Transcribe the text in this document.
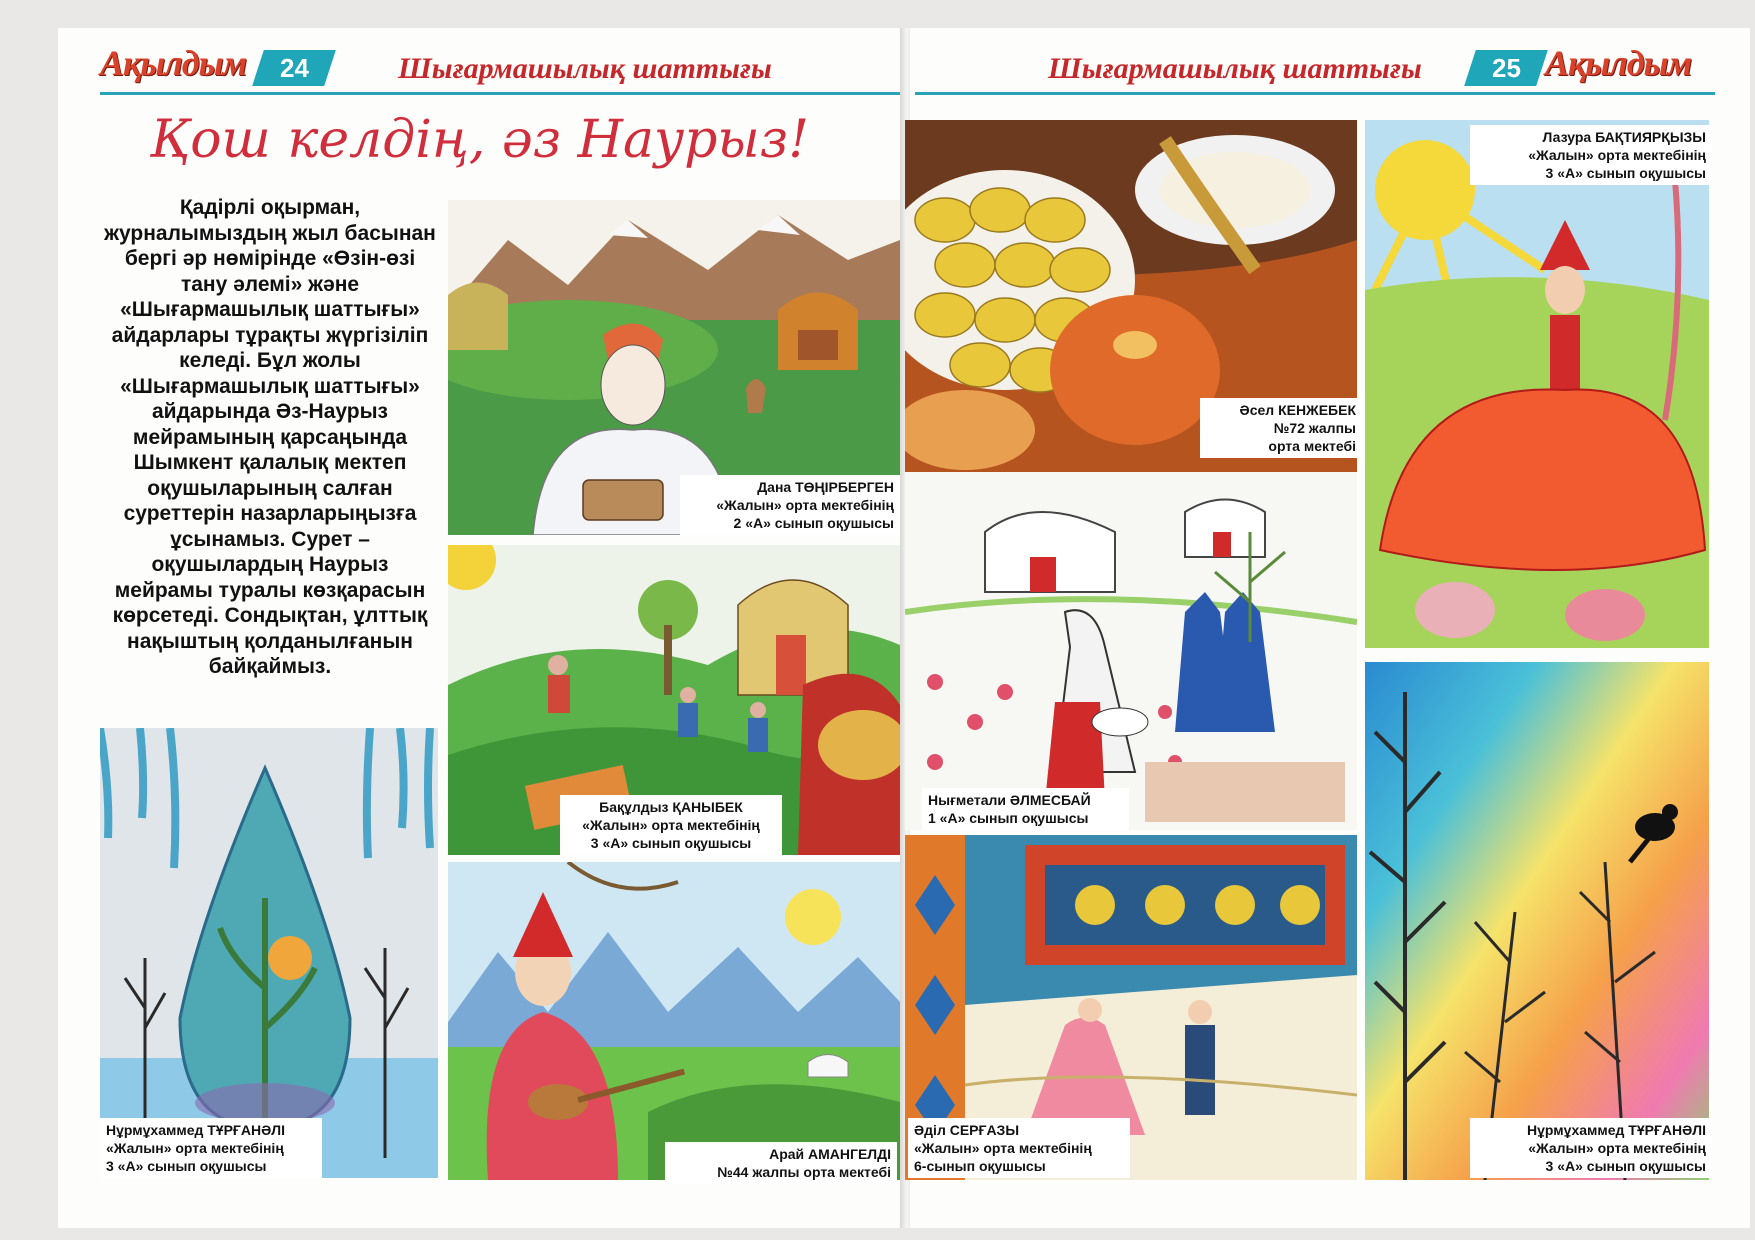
Ақылдым	24	Шығармашылық шаттығы
Қош келдің, әз Наурыз!
Қадірлі оқырман, журналымыздың жыл басынан бергі әр нөмірінде «Өзін-өзі тану әлемі» және «Шығармашылық шаттығы» айдарлары тұрақты жүргізіліп келеді. Бұл жолы «Шығармашылық шаттығы» айдарында Әз-Наурыз мейрамының қарсаңында Шымкент қалалық мектеп оқушыларының салған суреттерін назарларыңызға ұсынамыз. Сурет – оқушылардың Наурыз мейрамы туралы көзқарасын көрсетеді. Сондықтан, ұлттық нақыштың қолданылғанын байқаймыз.
Дана ТӨҢІРБЕРГЕН
«Жалын» орта мектебінің
2 «А» сынып оқушысы
Бақұлдыз ҚАНЫБЕК
«Жалын» орта мектебінің
3 «А» сынып оқушысы
Арай АМАНГЕЛДІ
№44 жалпы орта мектебі
Нұрмұхаммед ТҰРҒАНӘЛІ
«Жалын» орта мектебінің
3 «А» сынып оқушысы
Шығармашылық шаттығы	25 Ақылдым
Әсел КЕНЖЕБЕК
№72 жалпы
орта мектебі
Лазура БАҚТИЯРҚЫЗЫ
«Жалын» орта мектебінің
3 «А» сынып оқушысы
Нығметали ӘЛМЕСБАЙ
1 «А» сынып оқушысы
Әділ СЕРҒАЗЫ
«Жалын» орта мектебінің
6-сынып оқушысы
Нұрмұхаммед ТҰРҒАНӘЛІ
«Жалын» орта мектебінің
3 «А» сынып оқушысы
